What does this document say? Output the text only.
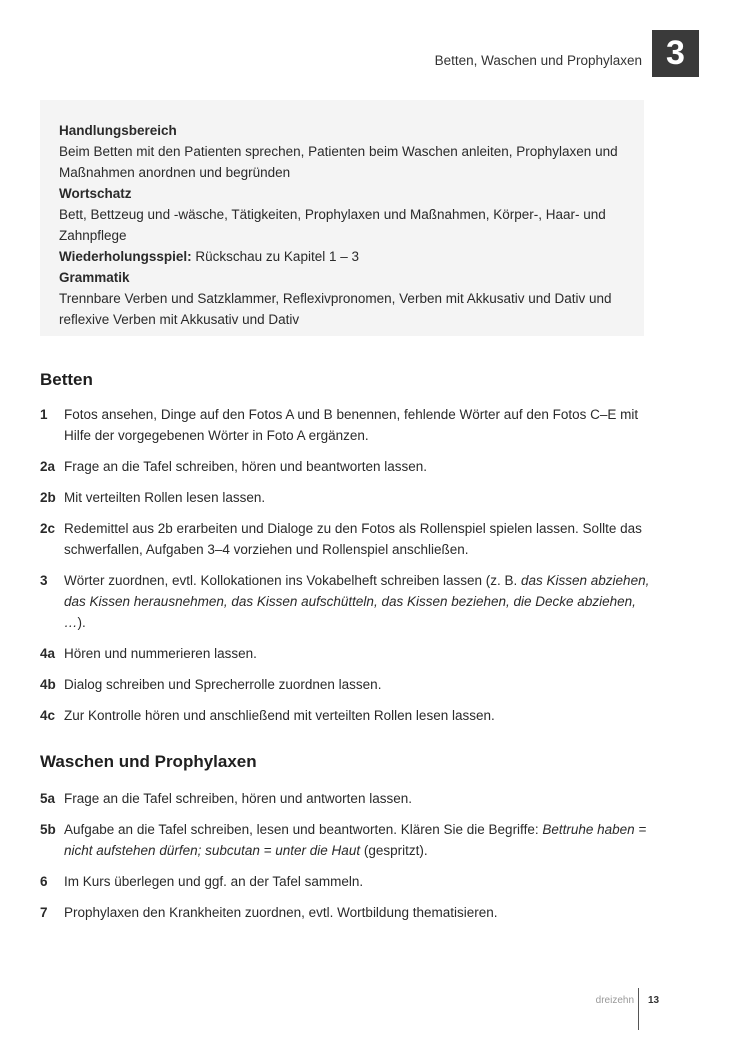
Betten, Waschen und Prophylaxen 3
Handlungsbereich
Beim Betten mit den Patienten sprechen, Patienten beim Waschen anleiten, Prophylaxen und Maßnahmen anordnen und begründen
Wortschatz
Bett, Bettzeug und -wäsche, Tätigkeiten, Prophylaxen und Maßnahmen, Körper-, Haar- und Zahnpflege
Wiederholungsspiel: Rückschau zu Kapitel 1 – 3
Grammatik
Trennbare Verben und Satzklammer, Reflexivpronomen, Verben mit Akkusativ und Dativ und reflexive Verben mit Akkusativ und Dativ
Betten
1	Fotos ansehen, Dinge auf den Fotos A und B benennen, fehlende Wörter auf den Fotos C–E mit Hilfe der vorgegebenen Wörter in Foto A ergänzen.
2a Frage an die Tafel schreiben, hören und beantworten lassen.
2b Mit verteilten Rollen lesen lassen.
2c Redemittel aus 2b erarbeiten und Dialoge zu den Fotos als Rollenspiel spielen lassen. Sollte das schwerfallen, Aufgaben 3–4 vorziehen und Rollenspiel anschließen.
3	Wörter zuordnen, evtl. Kollokationen ins Vokabelheft schreiben lassen (z. B. das Kissen abziehen, das Kissen herausnehmen, das Kissen aufschütteln, das Kissen beziehen, die Decke abziehen, …).
4a Hören und nummerieren lassen.
4b Dialog schreiben und Sprecherrolle zuordnen lassen.
4c Zur Kontrolle hören und anschließend mit verteilten Rollen lesen lassen.
Waschen und Prophylaxen
5a Frage an die Tafel schreiben, hören und antworten lassen.
5b Aufgabe an die Tafel schreiben, lesen und beantworten. Klären Sie die Begriffe: Bettruhe haben = nicht aufstehen dürfen; subcutan = unter die Haut (gespritzt).
6	Im Kurs überlegen und ggf. an der Tafel sammeln.
7	Prophylaxen den Krankheiten zuordnen, evtl. Wortbildung thematisieren.
dreizehn 13
